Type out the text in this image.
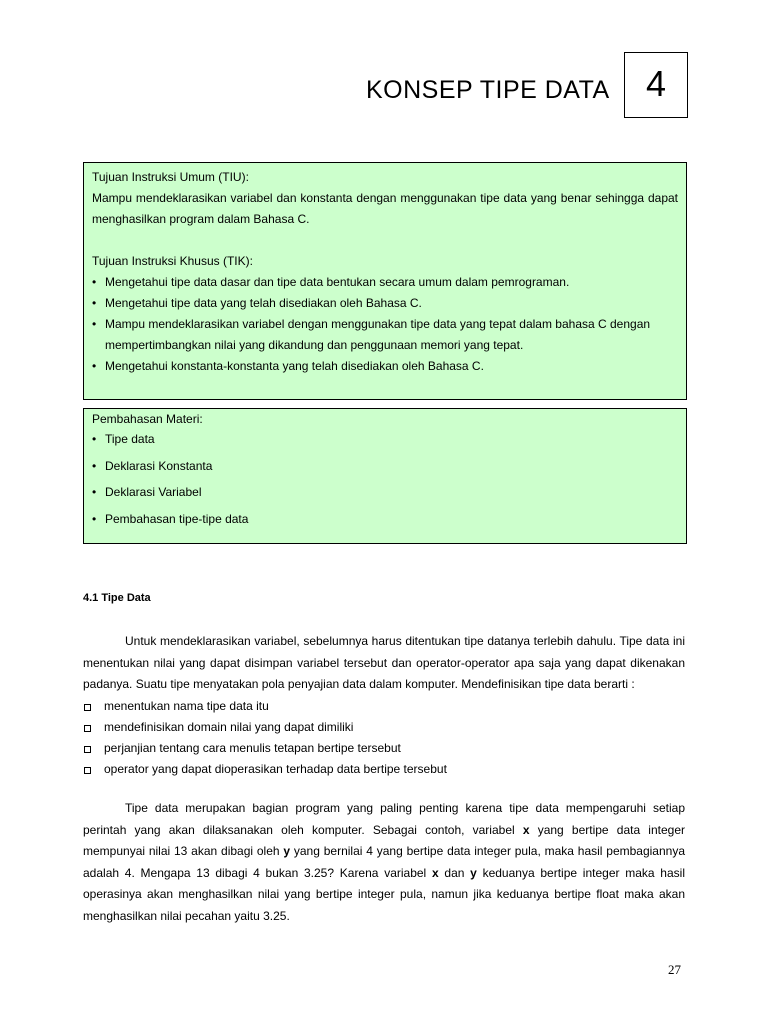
KONSEP TIPE DATA	4
Tujuan Instruksi Umum (TIU):
Mampu mendeklarasikan variabel dan konstanta dengan menggunakan tipe data yang benar sehingga dapat menghasilkan program dalam Bahasa C.
Tujuan Instruksi Khusus (TIK):
• Mengetahui tipe data dasar dan tipe data bentukan secara umum dalam pemrograman.
• Mengetahui tipe data yang telah disediakan oleh Bahasa C.
• Mampu mendeklarasikan variabel dengan menggunakan tipe data yang tepat dalam bahasa C dengan mempertimbangkan nilai yang dikandung dan penggunaan memori yang tepat.
• Mengetahui konstanta-konstanta yang telah disediakan oleh Bahasa C.
Pembahasan Materi:
• Tipe data
• Deklarasi Konstanta
• Deklarasi Variabel
• Pembahasan tipe-tipe data
4.1 Tipe Data
Untuk mendeklarasikan variabel, sebelumnya harus ditentukan tipe datanya terlebih dahulu. Tipe data ini menentukan nilai yang dapat disimpan variabel tersebut dan operator-operator apa saja yang dapat dikenakan padanya. Suatu tipe menyatakan pola penyajian data dalam komputer. Mendefinisikan tipe data berarti :
menentukan nama tipe data itu
mendefinisikan domain nilai yang dapat dimiliki
perjanjian tentang cara menulis tetapan bertipe tersebut
operator yang dapat dioperasikan terhadap data bertipe tersebut
Tipe data merupakan bagian program yang paling penting karena tipe data mempengaruhi setiap perintah yang akan dilaksanakan oleh komputer. Sebagai contoh, variabel x yang bertipe data integer mempunyai nilai 13 akan dibagi oleh y yang bernilai 4 yang bertipe data integer pula, maka hasil pembagiannya adalah 4. Mengapa 13 dibagi 4 bukan 3.25? Karena variabel x dan y keduanya bertipe integer maka hasil operasinya akan menghasilkan nilai yang bertipe integer pula, namun jika keduanya bertipe float maka akan menghasilkan nilai pecahan yaitu 3.25.
27
